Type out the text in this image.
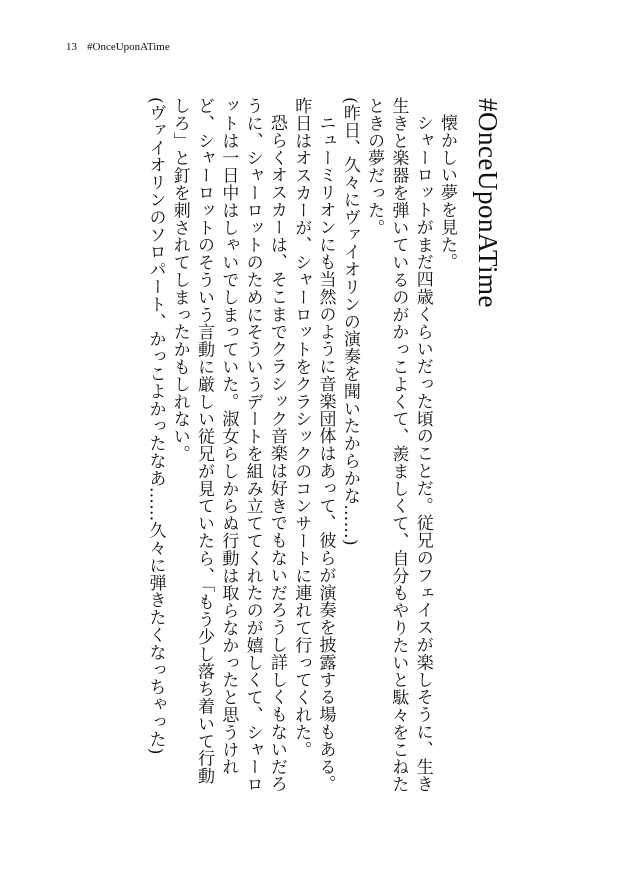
13 #OnceUponATime
#OnceUponATime

懐かしい夢を見た。

シャーロットがまだ四歳くらいだった頃のことだ。従兄のフェイスが楽しそうに、生き生きと楽器を弾いているのがかっこよくて、羨ましくて、自分もやりたいと駄々をこねたときの夢だった。

(昨日、久々にヴァイオリンの演奏を聞いたからかな……)

ニューミリオンにも当然のように音楽団体はあって、彼らが演奏を披露する場もある。昨日はオスカーが、シャーロットをクラシックのコンサートに連れて行ってくれた。

恐らくオスカーは、そこまでクラシック音楽は好きでもないだろうし詳しくもないだろうに、シャーロットのためにそういうデートを組み立ててくれたのが嬉しくて、シャーロットは一日中はしゃいでしまっていた。淑女らしからぬ行動は取らなかったと思うけれど、シャーロットのそういう言動に厳しい従兄が見ていたら、「もう少し落ち着いて行動しろ」と釘を刺されてしまったかもしれない。

(ヴァイオリンのソロパート、かっこよかったなあ……久々に弾きたくなっちゃった)
